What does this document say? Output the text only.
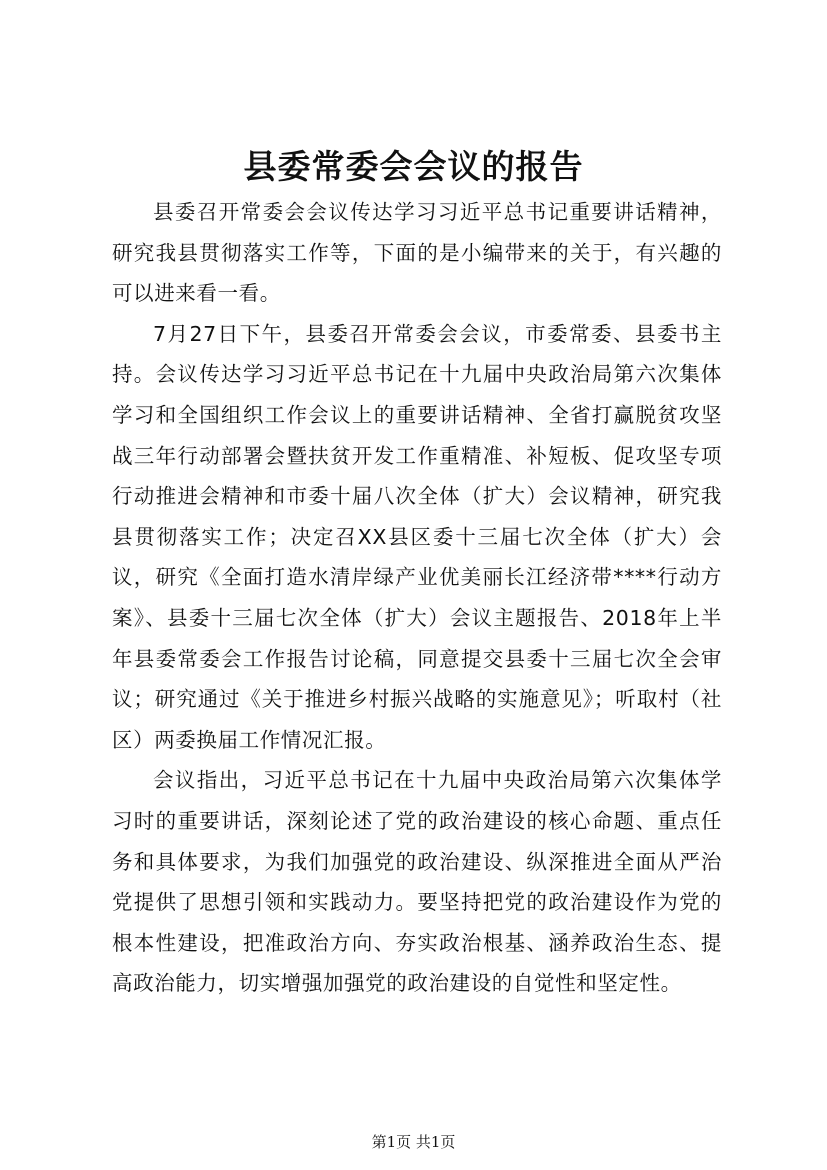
县委常委会会议的报告

县委召开常委会会议传达学习习近平总书记重要讲话精神，研究我县贯彻落实工作等，下面的是小编带来的关于，有兴趣的可以进来看一看。

7月27日下午，县委召开常委会会议，市委常委、县委书主持。会议传达学习习近平总书记在十九届中央政治局第六次集体学习和全国组织工作会议上的重要讲话精神、全省打赢脱贫攻坚战三年行动部署会暨扶贫开发工作重精准、补短板、促攻坚专项行动推进会精神和市委十届八次全体（扩大）会议精神，研究我县贯彻落实工作；决定召XX县区委十三届七次全体（扩大）会议，研究《全面打造水清岸绿产业优美丽长江经济带****行动方案》、县委十三届七次全体（扩大）会议主题报告、2018年上半年县委常委会工作报告讨论稿，同意提交县委十三届七次全会审议；研究通过《关于推进乡村振兴战略的实施意见》；听取村（社区）两委换届工作情况汇报。

会议指出，习近平总书记在十九届中央政治局第六次集体学习时的重要讲话，深刻论述了党的政治建设的核心命题、重点任务和具体要求，为我们加强党的政治建设、纵深推进全面从严治党提供了思想引领和实践动力。要坚持把党的政治建设作为党的根本性建设，把准政治方向、夯实政治根基、涵养政治生态、提高政治能力，切实增强加强党的政治建设的自觉性和坚定性。

第1页 共1页
